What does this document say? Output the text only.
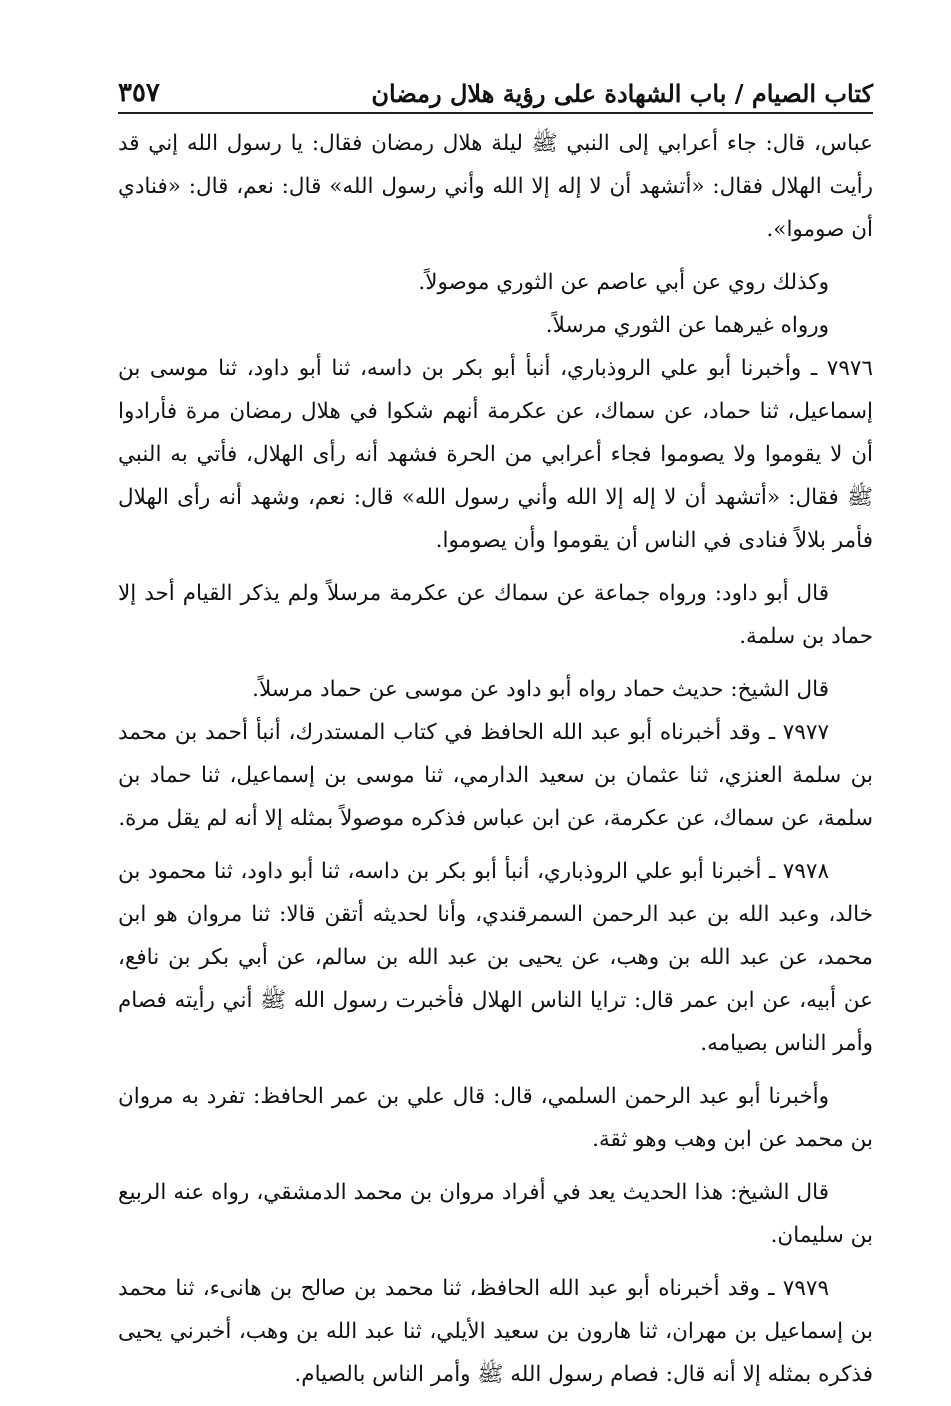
كتاب الصيام / باب الشهادة على رؤية هلال رمضان
٣٥٧

عباس، قال: جاء أعرابي إلى النبي ﷺ ليلة هلال رمضان فقال: يا رسول الله إني قد رأيت الهلال فقال: «أتشهد أن لا إله إلا الله وأني رسول الله» قال: نعم، قال: «فنادي أن صوموا».

وكذلك روي عن أبي عاصم عن الثوري موصولاً.

ورواه غيرهما عن الثوري مرسلاً.

٧٩٧٦ ـ وأخبرنا أبو علي الروذباري، أنبأ أبو بكر بن داسه، ثنا أبو داود، ثنا موسى بن إسماعيل، ثنا حماد، عن سماك، عن عكرمة أنهم شكوا في هلال رمضان مرة فأرادوا أن لا يقوموا ولا يصوموا فجاء أعرابي من الحرة فشهد أنه رأى الهلال، فأتي به النبي ﷺ فقال: «أتشهد أن لا إله إلا الله وأني رسول الله» قال: نعم، وشهد أنه رأى الهلال فأمر بلالاً فنادى في الناس أن يقوموا وأن يصوموا.

قال أبو داود: ورواه جماعة عن سماك عن عكرمة مرسلاً ولم يذكر القيام أحد إلا حماد بن سلمة.

قال الشيخ: حديث حماد رواه أبو داود عن موسى عن حماد مرسلاً.

٧٩٧٧ ـ وقد أخبرناه أبو عبد الله الحافظ في كتاب المستدرك، أنبأ أحمد بن محمد بن سلمة العنزي، ثنا عثمان بن سعيد الدارمي، ثنا موسى بن إسماعيل، ثنا حماد بن سلمة، عن سماك، عن عكرمة، عن ابن عباس فذكره موصولاً بمثله إلا أنه لم يقل مرة.

٧٩٧٨ ـ أخبرنا أبو علي الروذباري، أنبأ أبو بكر بن داسه، ثنا أبو داود، ثنا محمود بن خالد، وعبد الله بن عبد الرحمن السمرقندي، وأنا لحديثه أتقن قالا: ثنا مروان هو ابن محمد، عن عبد الله بن وهب، عن يحيى بن عبد الله بن سالم، عن أبي بكر بن نافع، عن أبيه، عن ابن عمر قال: ترايا الناس الهلال فأخبرت رسول الله ﷺ أني رأيته فصام وأمر الناس بصيامه.

وأخبرنا أبو عبد الرحمن السلمي، قال: قال علي بن عمر الحافظ: تفرد به مروان بن محمد عن ابن وهب وهو ثقة.

قال الشيخ: هذا الحديث يعد في أفراد مروان بن محمد الدمشقي، رواه عنه الربيع بن سليمان.

٧٩٧٩ ـ وقد أخبرناه أبو عبد الله الحافظ، ثنا محمد بن صالح بن هانىء، ثنا محمد بن إسماعيل بن مهران، ثنا هارون بن سعيد الأيلي، ثنا عبد الله بن وهب، أخبرني يحيى فذكره بمثله إلا أنه قال: فصام رسول الله ﷺ وأمر الناس بالصيام.
